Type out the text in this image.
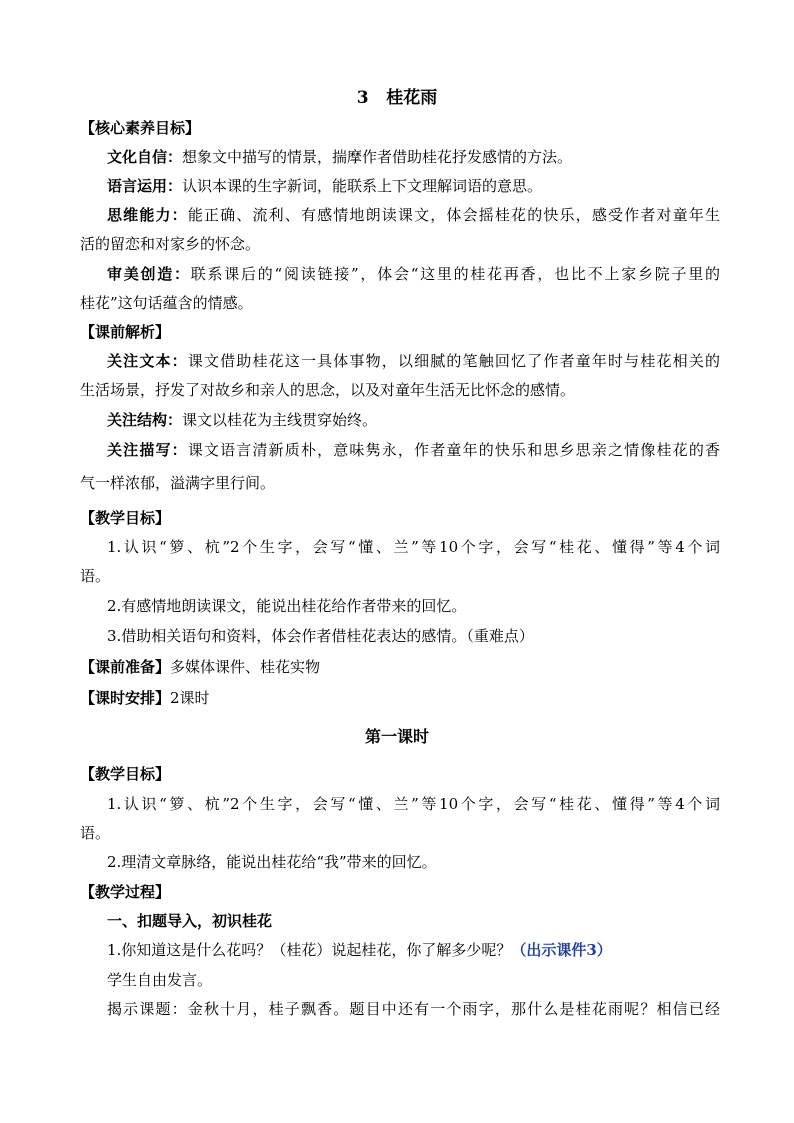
3 桂花雨
【核心素养目标】
文化自信：想象文中描写的情景，揣摩作者借助桂花抒发感情的方法。
语言运用：认识本课的生字新词，能联系上下文理解词语的意思。
思维能力：能正确、流利、有感情地朗读课文，体会摇桂花的快乐，感受作者对童年生
活的留恋和对家乡的怀念。
审美创造：联系课后的“阅读链接”，体会“这里的桂花再香，也比不上家乡院子里的
桂花”这句话蕴含的情感。
【课前解析】
关注文本：课文借助桂花这一具体事物，以细腻的笔触回忆了作者童年时与桂花相关的
生活场景，抒发了对故乡和亲人的思念，以及对童年生活无比怀念的感情。
关注结构：课文以桂花为主线贯穿始终。
关注描写：课文语言清新质朴，意味隽永，作者童年的快乐和思乡思亲之情像桂花的香
气一样浓郁，溢满字里行间。
【教学目标】
1.认识“箩、杭”2个生字，会写“懂、兰”等10个字，会写“桂花、懂得”等4个词
语。
2.有感情地朗读课文，能说出桂花给作者带来的回忆。
3.借助相关语句和资料，体会作者借桂花表达的感情。（重难点）
【课前准备】多媒体课件、桂花实物
【课时安排】2课时
第一课时
【教学目标】
1.认识“箩、杭”2个生字，会写“懂、兰”等10个字，会写“桂花、懂得”等4个词
语。
2.理清文章脉络，能说出桂花给“我”带来的回忆。
【教学过程】
一、扣题导入，初识桂花
1.你知道这是什么花吗？（桂花）说起桂花，你了解多少呢？（出示课件3）
学生自由发言。
揭示课题：金秋十月，桂子飘香。题目中还有一个雨字，那什么是桂花雨呢？相信已经
